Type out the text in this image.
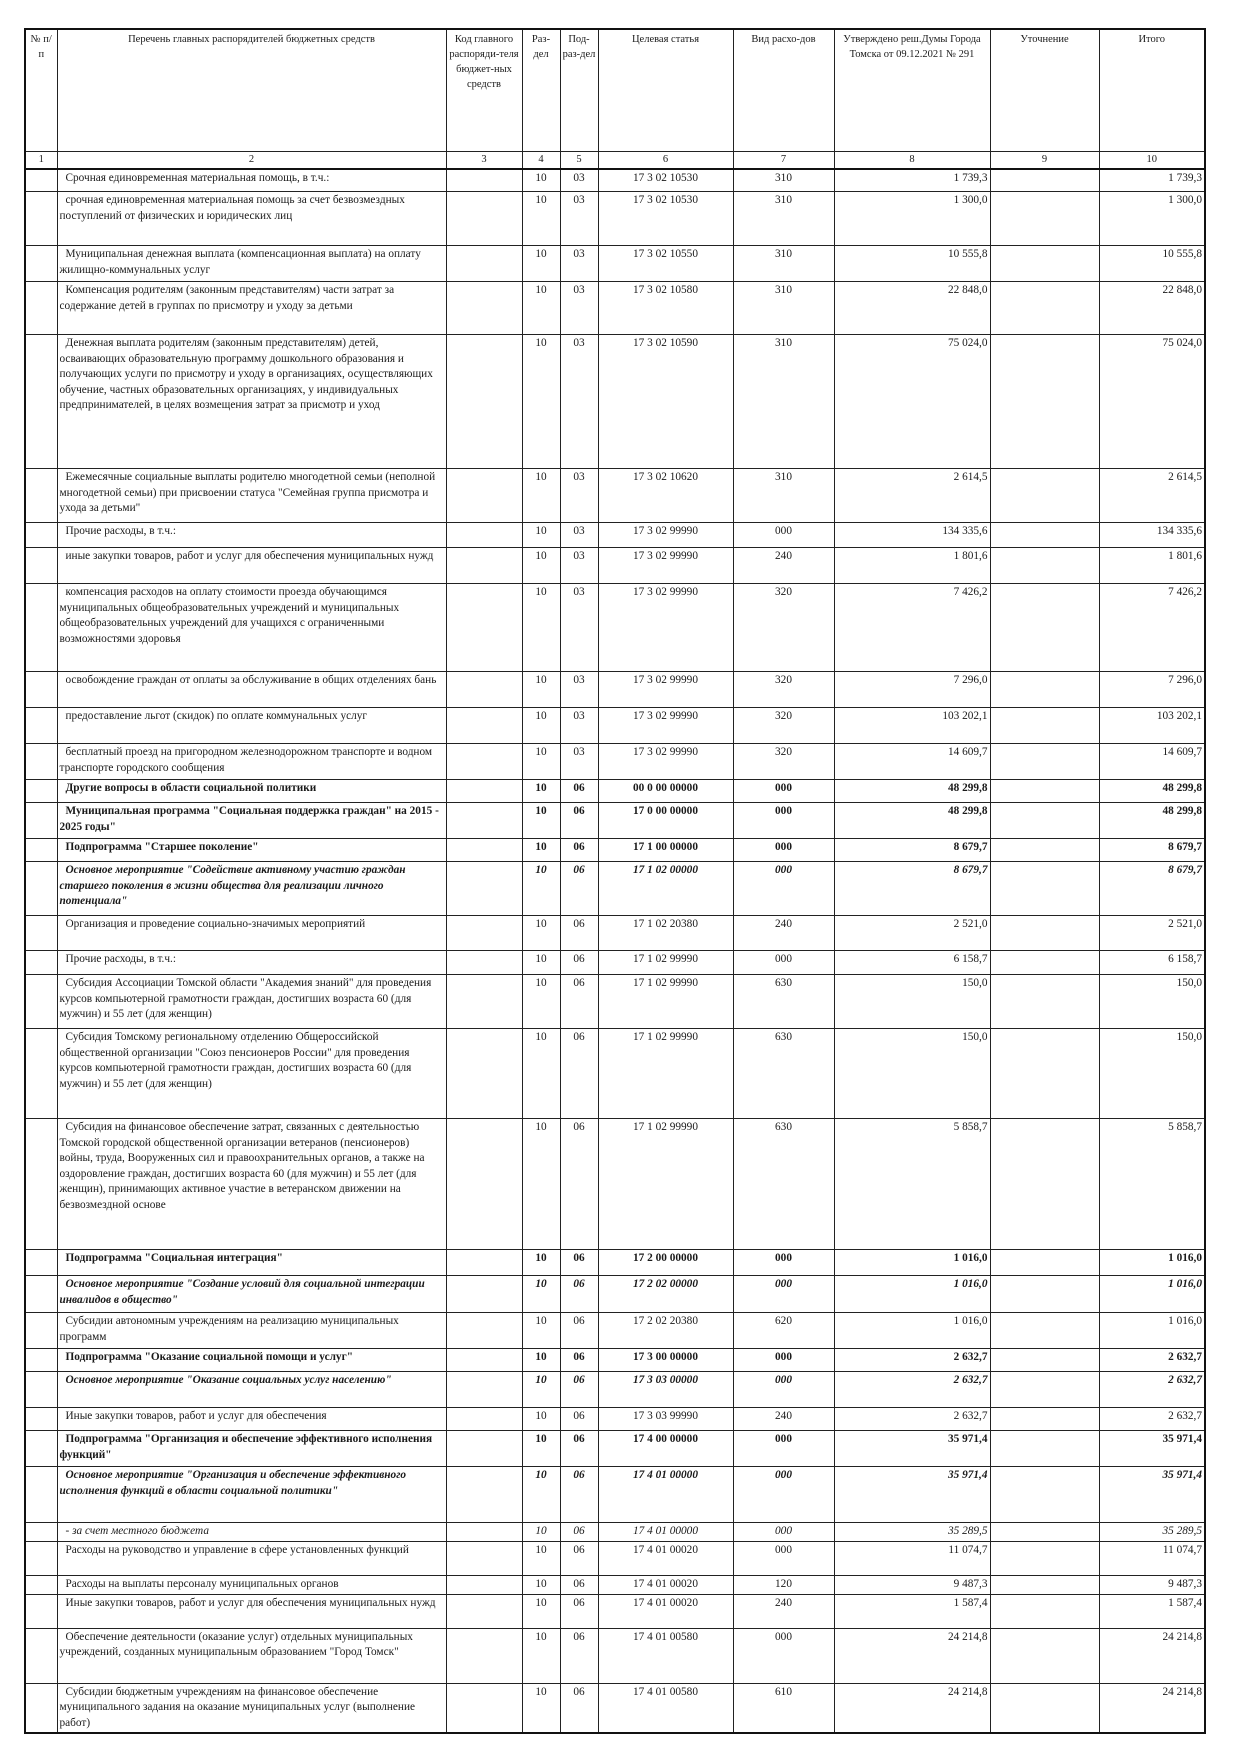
№ п/п	Перечень главных распорядителей бюджетных средств	Код главного распоряди-теля бюджет-ных средств	Раз-дел	Под-раз-дел	Целевая статья	Вид расхо-дов	Утверждено реш.Думы Города Томска от 09.12.2021 № 291	Уточнение	Итого
1	2	3	4	5	6	7	8	9	10
	Срочная единовременная материальная помощь, в т.ч.:		10	03	17 3 02 10530	310	1 739,3		1 739,3
	срочная единовременная материальная помощь за счет безвозмездных поступлений от физических и юридических лиц		10	03	17 3 02 10530	310	1 300,0		1 300,0
	Муниципальная денежная выплата (компенсационная выплата) на оплату жилищно-коммунальных услуг		10	03	17 3 02 10550	310	10 555,8		10 555,8
	Компенсация родителям (законным представителям) части затрат за содержание детей в группах по присмотру и уходу за детьми		10	03	17 3 02 10580	310	22 848,0		22 848,0
	Денежная выплата родителям (законным представителям) детей, осваивающих образовательную программу дошкольного образования и получающих услуги по присмотру и уходу в организациях, осуществляющих обучение, частных образовательных организациях, у индивидуальных предпринимателей, в целях возмещения затрат за присмотр и уход		10	03	17 3 02 10590	310	75 024,0		75 024,0
	Ежемесячные социальные выплаты родителю многодетной семьи (неполной многодетной семьи) при присвоении статуса "Семейная группа присмотра и ухода за детьми"		10	03	17 3 02 10620	310	2 614,5		2 614,5
	Прочие расходы, в т.ч.:		10	03	17 3 02 99990	000	134 335,6		134 335,6
	иные закупки товаров, работ и услуг для обеспечения муниципальных нужд		10	03	17 3 02 99990	240	1 801,6		1 801,6
	компенсация расходов на оплату стоимости проезда обучающимся муниципальных общеобразовательных учреждений и муниципальных общеобразовательных учреждений для учащихся с ограниченными возможностями здоровья		10	03	17 3 02 99990	320	7 426,2		7 426,2
	освобождение граждан от оплаты за обслуживание в общих отделениях бань		10	03	17 3 02 99990	320	7 296,0		7 296,0
	предоставление льгот (скидок) по оплате коммунальных услуг		10	03	17 3 02 99990	320	103 202,1		103 202,1
	бесплатный проезд на пригородном железнодорожном транспорте и водном транспорте городского сообщения		10	03	17 3 02 99990	320	14 609,7		14 609,7
	Другие вопросы в области социальной политики		10	06	00 0 00 00000	000	48 299,8		48 299,8
	Муниципальная программа "Социальная поддержка граждан" на 2015 - 2025 годы"		10	06	17 0 00 00000	000	48 299,8		48 299,8
	Подпрограмма "Старшее поколение"		10	06	17 1 00 00000	000	8 679,7		8 679,7
	Основное мероприятие "Содействие активному участию граждан старшего поколения в жизни общества для реализации личного потенциала"		10	06	17 1 02 00000	000	8 679,7		8 679,7
	Организация и проведение социально-значимых мероприятий		10	06	17 1 02 20380	240	2 521,0		2 521,0
	Прочие расходы, в т.ч.:		10	06	17 1 02 99990	000	6 158,7		6 158,7
	Субсидия Ассоциации Томской области "Академия знаний" для проведения курсов компьютерной грамотности граждан, достигших возраста 60 (для мужчин) и 55 лет (для женщин)		10	06	17 1 02 99990	630	150,0		150,0
	Субсидия Томскому региональному отделению Общероссийской общественной организации "Союз пенсионеров России" для проведения курсов компьютерной грамотности граждан, достигших возраста 60 (для мужчин) и 55 лет (для женщин)		10	06	17 1 02 99990	630	150,0		150,0
	Субсидия на финансовое обеспечение затрат, связанных с деятельностью Томской городской общественной организации ветеранов (пенсионеров) войны, труда, Вооруженных сил и правоохранительных органов, а также на оздоровление граждан, достигших возраста 60 (для мужчин) и 55 лет (для женщин), принимающих активное участие в ветеранском движении на безвозмездной основе		10	06	17 1 02 99990	630	5 858,7		5 858,7
	Подпрограмма "Социальная интеграция"		10	06	17 2 00 00000	000	1 016,0		1 016,0
	Основное мероприятие "Создание условий для социальной интеграции инвалидов в общество"		10	06	17 2 02 00000	000	1 016,0		1 016,0
	Субсидии автономным учреждениям на реализацию муниципальных программ		10	06	17 2 02 20380	620	1 016,0		1 016,0
	Подпрограмма "Оказание социальной помощи и услуг"		10	06	17 3 00 00000	000	2 632,7		2 632,7
	Основное мероприятие "Оказание социальных услуг населению"		10	06	17 3 03 00000	000	2 632,7		2 632,7
	Иные закупки товаров, работ и услуг для обеспечения		10	06	17 3 03 99990	240	2 632,7		2 632,7
	Подпрограмма "Организация и обеспечение эффективного исполнения функций"		10	06	17 4 00 00000	000	35 971,4		35 971,4
	Основное мероприятие "Организация и обеспечение эффективного исполнения функций в области социальной политики"		10	06	17 4 01 00000	000	35 971,4		35 971,4
	- за счет местного бюджета		10	06	17 4 01 00000	000	35 289,5		35 289,5
	Расходы на руководство и управление в сфере установленных функций		10	06	17 4 01 00020	000	11 074,7		11 074,7
	Расходы на выплаты персоналу муниципальных органов		10	06	17 4 01 00020	120	9 487,3		9 487,3
	Иные закупки товаров, работ и услуг для обеспечения муниципальных нужд		10	06	17 4 01 00020	240	1 587,4		1 587,4
	Обеспечение деятельности (оказание услуг) отдельных муниципальных учреждений, созданных муниципальным образованием "Город Томск"		10	06	17 4 01 00580	000	24 214,8		24 214,8
	Субсидии бюджетным учреждениям на финансовое обеспечение муниципального задания на оказание муниципальных услуг (выполнение работ)		10	06	17 4 01 00580	610	24 214,8		24 214,8
